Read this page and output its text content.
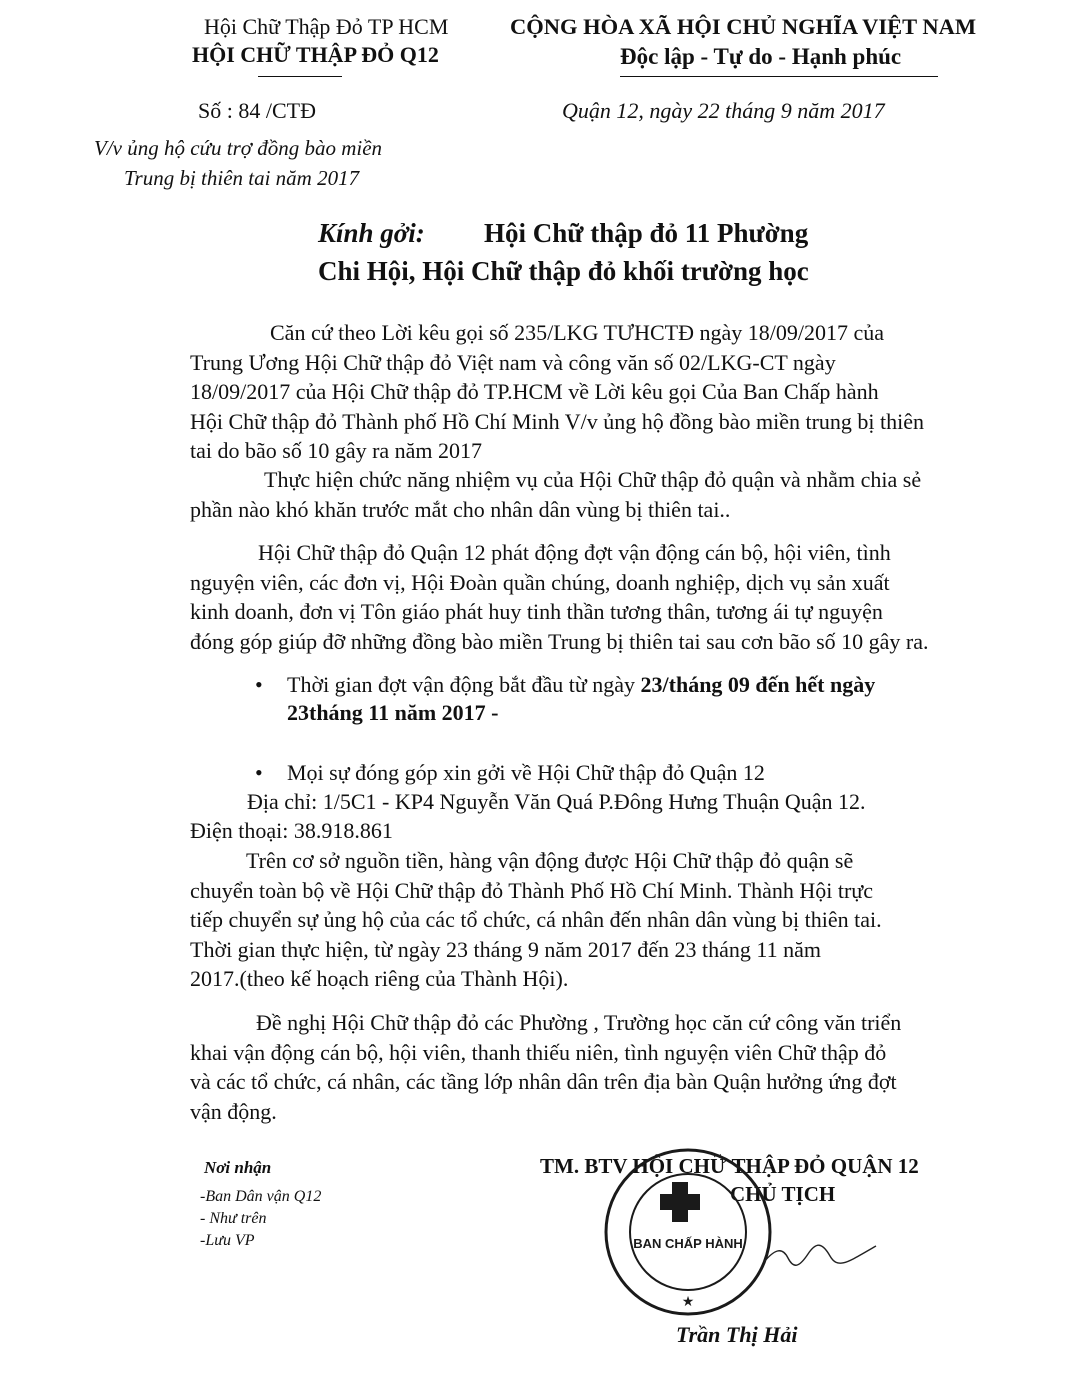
Hội Chữ Thập Đỏ TP HCM
HỘI CHỮ THẬP ĐỎ Q12
CỘNG HÒA XÃ HỘI CHỦ NGHĨA VIỆT NAM
Độc lập - Tự do - Hạnh phúc
Số : 84 /CTĐ	Quận 12, ngày 22 tháng 9 năm 2017
V/v ủng hộ cứu trợ đồng bào miền
Trung bị thiên tai năm 2017
Kính gởi: Hội Chữ thập đỏ 11 Phường
Chi Hội, Hội Chữ thập đỏ khối trường học
Căn cứ theo Lời kêu gọi số 235/LKG TƯHCTĐ ngày 18/09/2017 của
Trung Ương Hội Chữ thập đỏ Việt nam và công văn số 02/LKG-CT ngày
18/09/2017 của Hội Chữ thập đỏ TP.HCM về Lời kêu gọi Của Ban Chấp hành
Hội Chữ thập đỏ Thành phố Hồ Chí Minh V/v ủng hộ đồng bào miền trung bị thiên
tai do bão số 10 gây ra năm 2017
Thực hiện chức năng nhiệm vụ của Hội Chữ thập đỏ quận và nhằm chia sẻ
phần nào khó khăn trước mắt cho nhân dân vùng bị thiên tai..
Hội Chữ thập đỏ Quận 12 phát động đợt vận động cán bộ, hội viên, tình
nguyện viên, các đơn vị, Hội Đoàn quần chúng, doanh nghiệp, dịch vụ sản xuất
kinh doanh, đơn vị Tôn giáo phát huy tinh thần tương thân, tương ái tự nguyện
đóng góp giúp đỡ những đồng bào miền Trung bị thiên tai sau cơn bão số 10 gây ra.
• Thời gian đợt vận động bắt đầu từ ngày 23/tháng 09 đến hết ngày
23tháng 11 năm 2017 -
• Mọi sự đóng góp xin gởi về Hội Chữ thập đỏ Quận 12
Địa chỉ: 1/5C1 - KP4 Nguyễn Văn Quá P.Đông Hưng Thuận Quận 12.
Điện thoại: 38.918.861
Trên cơ sở nguồn tiền, hàng vận động được Hội Chữ thập đỏ quận sẽ
chuyển toàn bộ về Hội Chữ thập đỏ Thành Phố Hồ Chí Minh. Thành Hội trực
tiếp chuyển sự ủng hộ của các tổ chức, cá nhân đến nhân dân vùng bị thiên tai.
Thời gian thực hiện, từ ngày 23 tháng 9 năm 2017 đến 23 tháng 11 năm
2017.(theo kế hoạch riêng của Thành Hội).
Đề nghị Hội Chữ thập đỏ các Phường , Trường học căn cứ công văn triển
khai vận động cán bộ, hội viên, thanh thiếu niên, tình nguyện viên Chữ thập đỏ
và các tổ chức, cá nhân, các tầng lớp nhân dân trên địa bàn Quận hưởng ứng đợt
vận động.
Nơi nhận
-Ban Dân vận Q12
- Như trên
-Lưu VP
TM. BTV HỘI CHỮ THẬP ĐỎ QUẬN 12
CHỦ TỊCH
BAN CHẤP HÀNH
★
Trần Thị Hải
